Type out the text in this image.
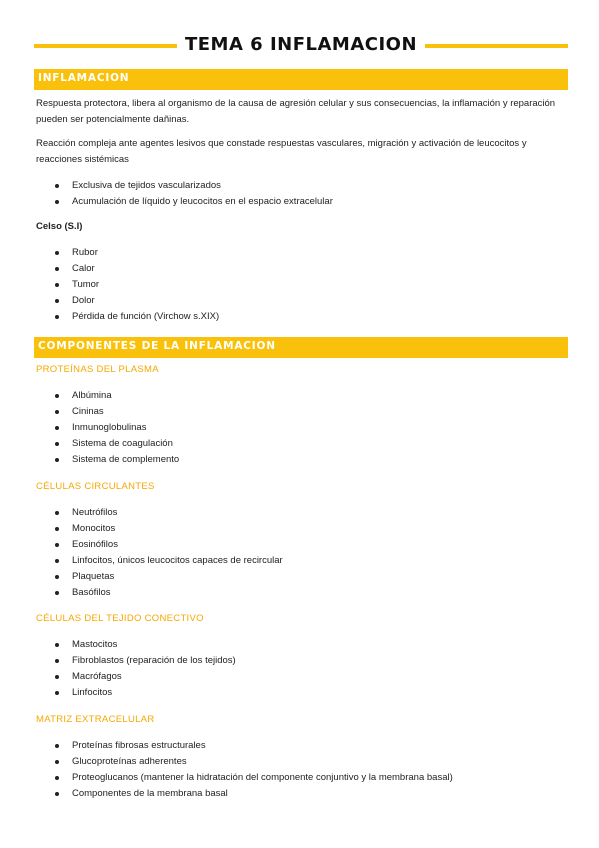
TEMA 6 INFLAMACION
INFLAMACION
Respuesta protectora, libera al organismo de la causa de agresión celular y sus consecuencias, la inflamación y reparación pueden ser potencialmente dañinas.
Reacción compleja ante agentes lesivos que constade respuestas vasculares, migración y activación de leucocitos y reacciones sistémicas
Exclusiva de tejidos vascularizados
Acumulación de líquido y leucocitos en el espacio extracelular
Celso (S.I)
Rubor
Calor
Tumor
Dolor
Pérdida de función (Virchow s.XIX)
COMPONENTES DE LA INFLAMACION
PROTEÍNAS DEL PLASMA
Albúmina
Cininas
Inmunoglobulinas
Sistema de coagulación
Sistema de complemento
CÉLULAS CIRCULANTES
Neutrófilos
Monocitos
Eosinófilos
Linfocitos, únicos leucocitos capaces de recircular
Plaquetas
Basófilos
CÉLULAS DEL TEJIDO CONECTIVO
Mastocitos
Fibroblastos (reparación de los tejidos)
Macrófagos
Linfocitos
MATRIZ EXTRACELULAR
Proteínas fibrosas estructurales
Glucoproteínas adherentes
Proteoglucanos (mantener la hidratación del componente conjuntivo y la membrana basal)
Componentes de la membrana basal
